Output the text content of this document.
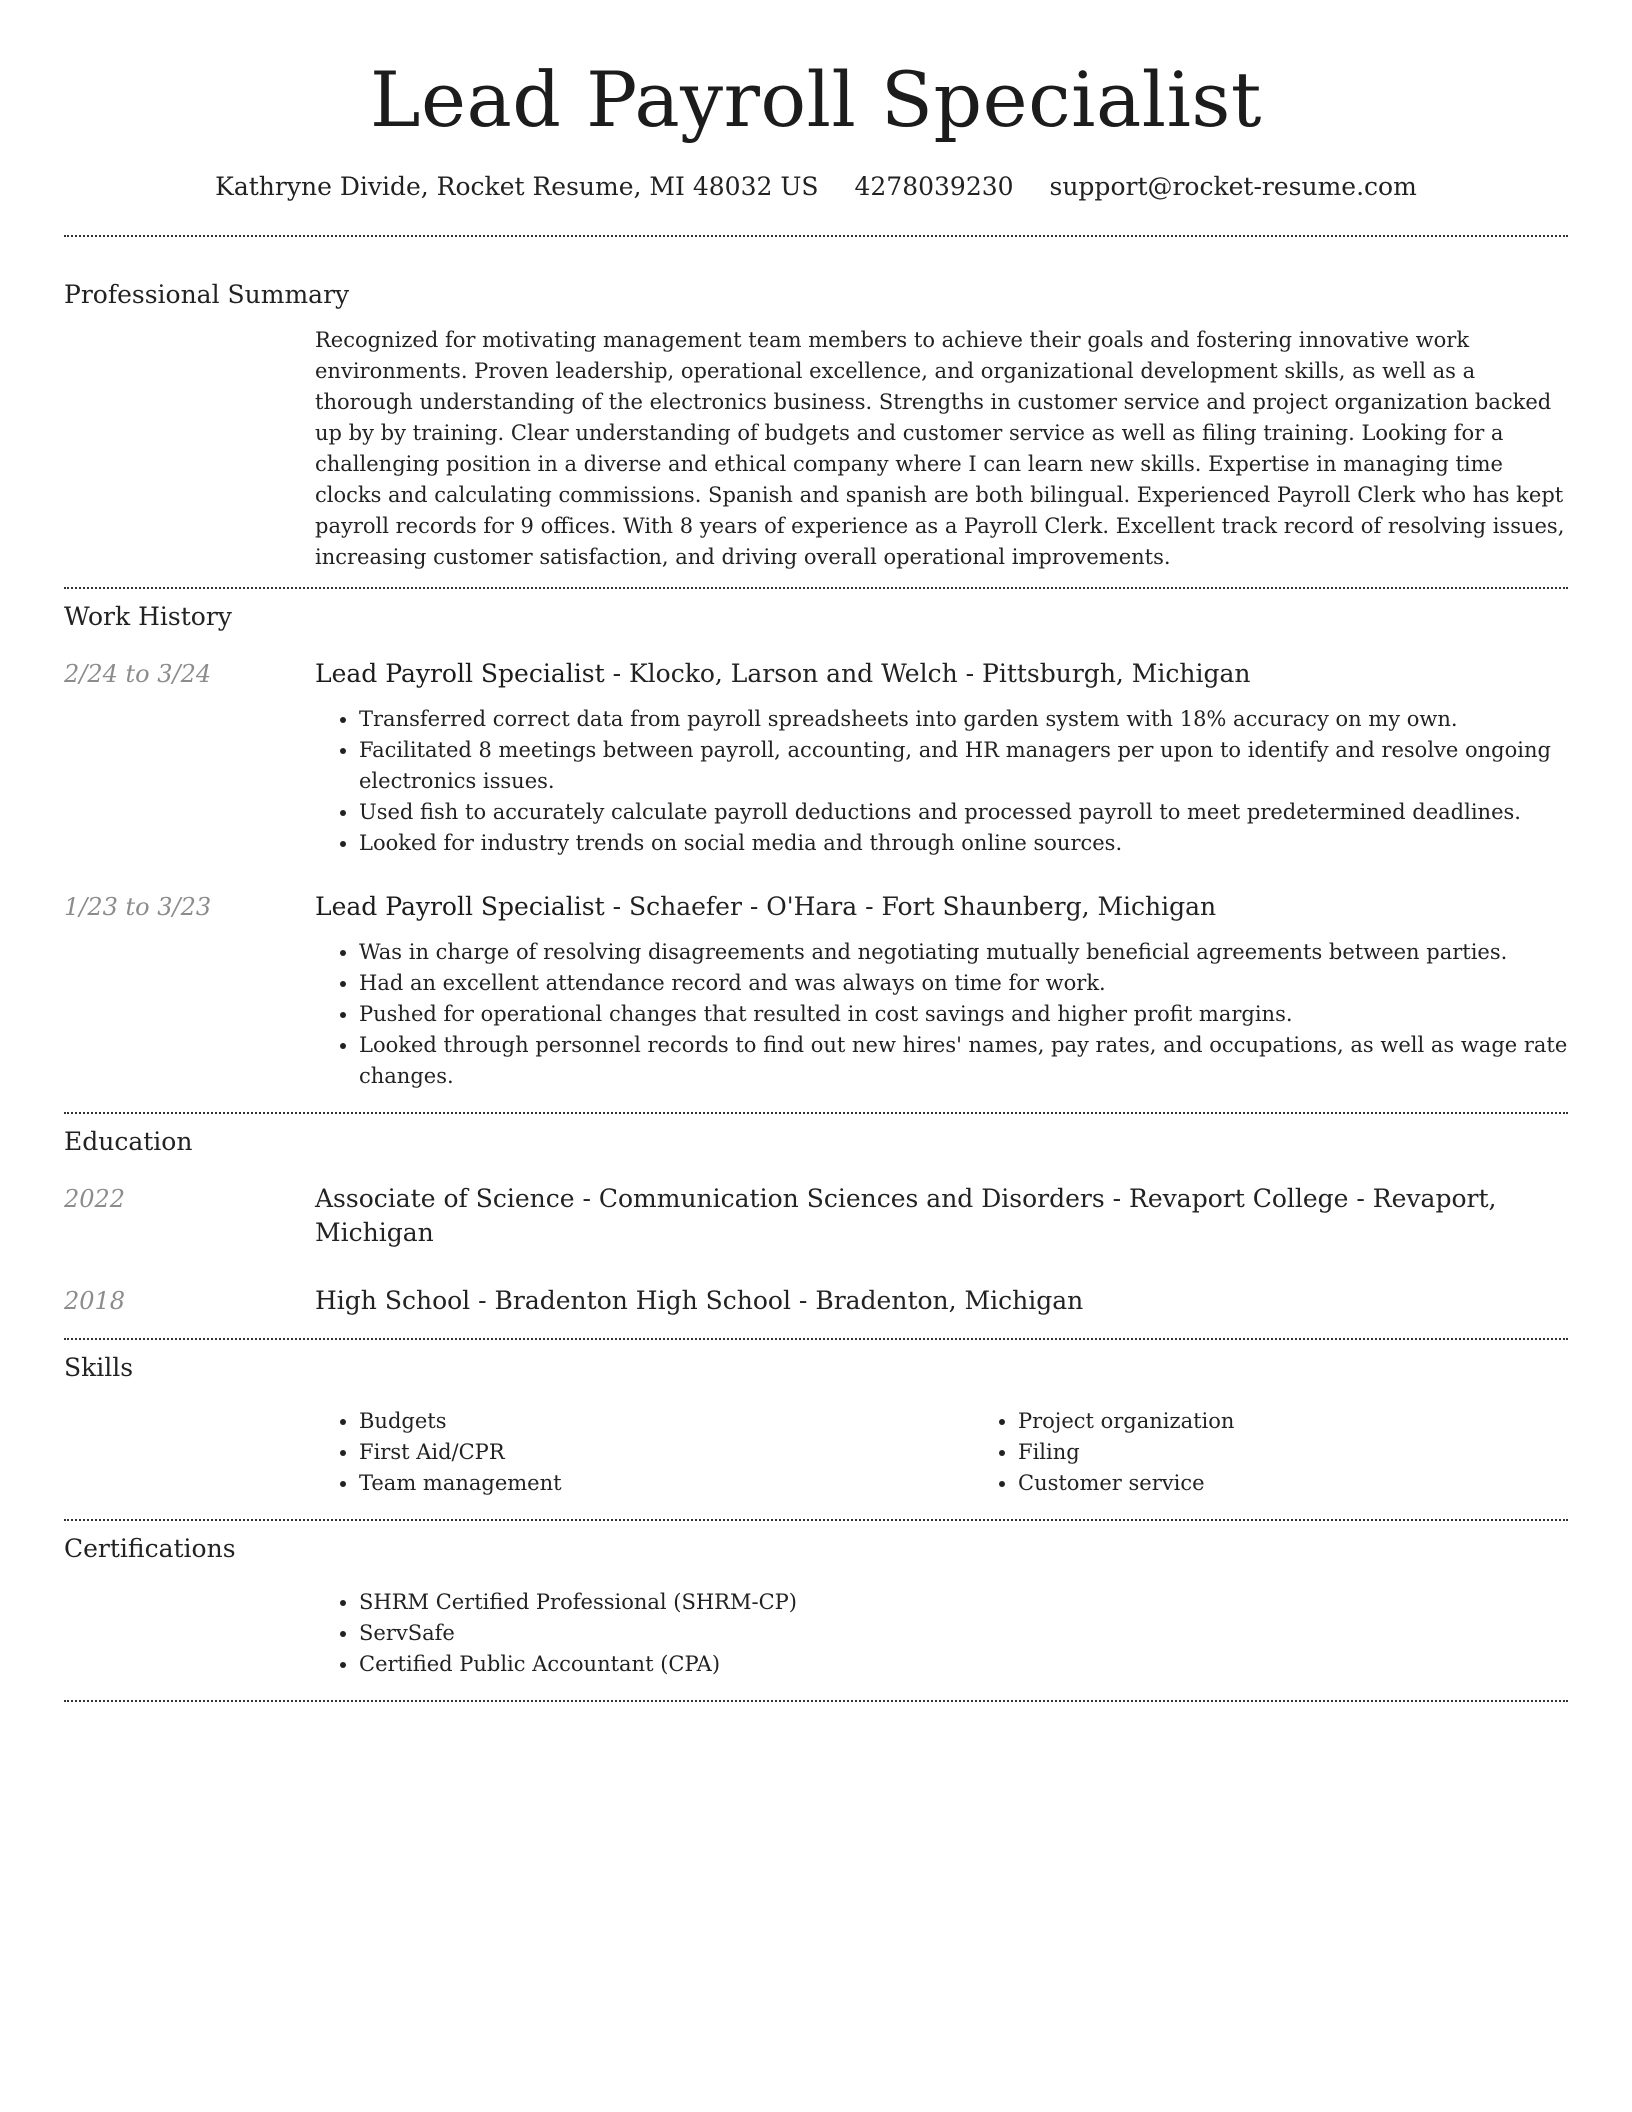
Lead Payroll Specialist
Kathryne Divide, Rocket Resume, MI 48032 US 4278039230 support@rocket-resume.com
Professional Summary

Recognized for motivating management team members to achieve their goals and fostering innovative work environments. Proven leadership, operational excellence, and organizational development skills, as well as a thorough understanding of the electronics business. Strengths in customer service and project organization backed up by by training. Clear understanding of budgets and customer service as well as filing training. Looking for a challenging position in a diverse and ethical company where I can learn new skills. Expertise in managing time clocks and calculating commissions. Spanish and spanish are both bilingual. Experienced Payroll Clerk who has kept payroll records for 9 offices. With 8 years of experience as a Payroll Clerk. Excellent track record of resolving issues, increasing customer satisfaction, and driving overall operational improvements.

Work History
2/24 to 3/24	Lead Payroll Specialist - Klocko, Larson and Welch - Pittsburgh, Michigan

• Transferred correct data from payroll spreadsheets into garden system with 18% accuracy on my own.
• Facilitated 8 meetings between payroll, accounting, and HR managers per upon to identify and resolve ongoing electronics issues.
• Used fish to accurately calculate payroll deductions and processed payroll to meet predetermined deadlines.
• Looked for industry trends on social media and through online sources.
1/23 to 3/23	Lead Payroll Specialist - Schaefer - O'Hara - Fort Shaunberg, Michigan

• Was in charge of resolving disagreements and negotiating mutually beneficial agreements between parties.
• Had an excellent attendance record and was always on time for work.
• Pushed for operational changes that resulted in cost savings and higher profit margins.
• Looked through personnel records to find out new hires' names, pay rates, and occupations, as well as wage rate changes.
Education
2022	Associate of Science - Communication Sciences and Disorders - Revaport College - Revaport, Michigan

2018	High School - Bradenton High School - Bradenton, Michigan

Skills
• Budgets
• First Aid/CPR
• Team management
• Project organization
• Filing
• Customer service
Certifications
• SHRM Certified Professional (SHRM-CP)
• ServSafe
• Certified Public Accountant (CPA)
